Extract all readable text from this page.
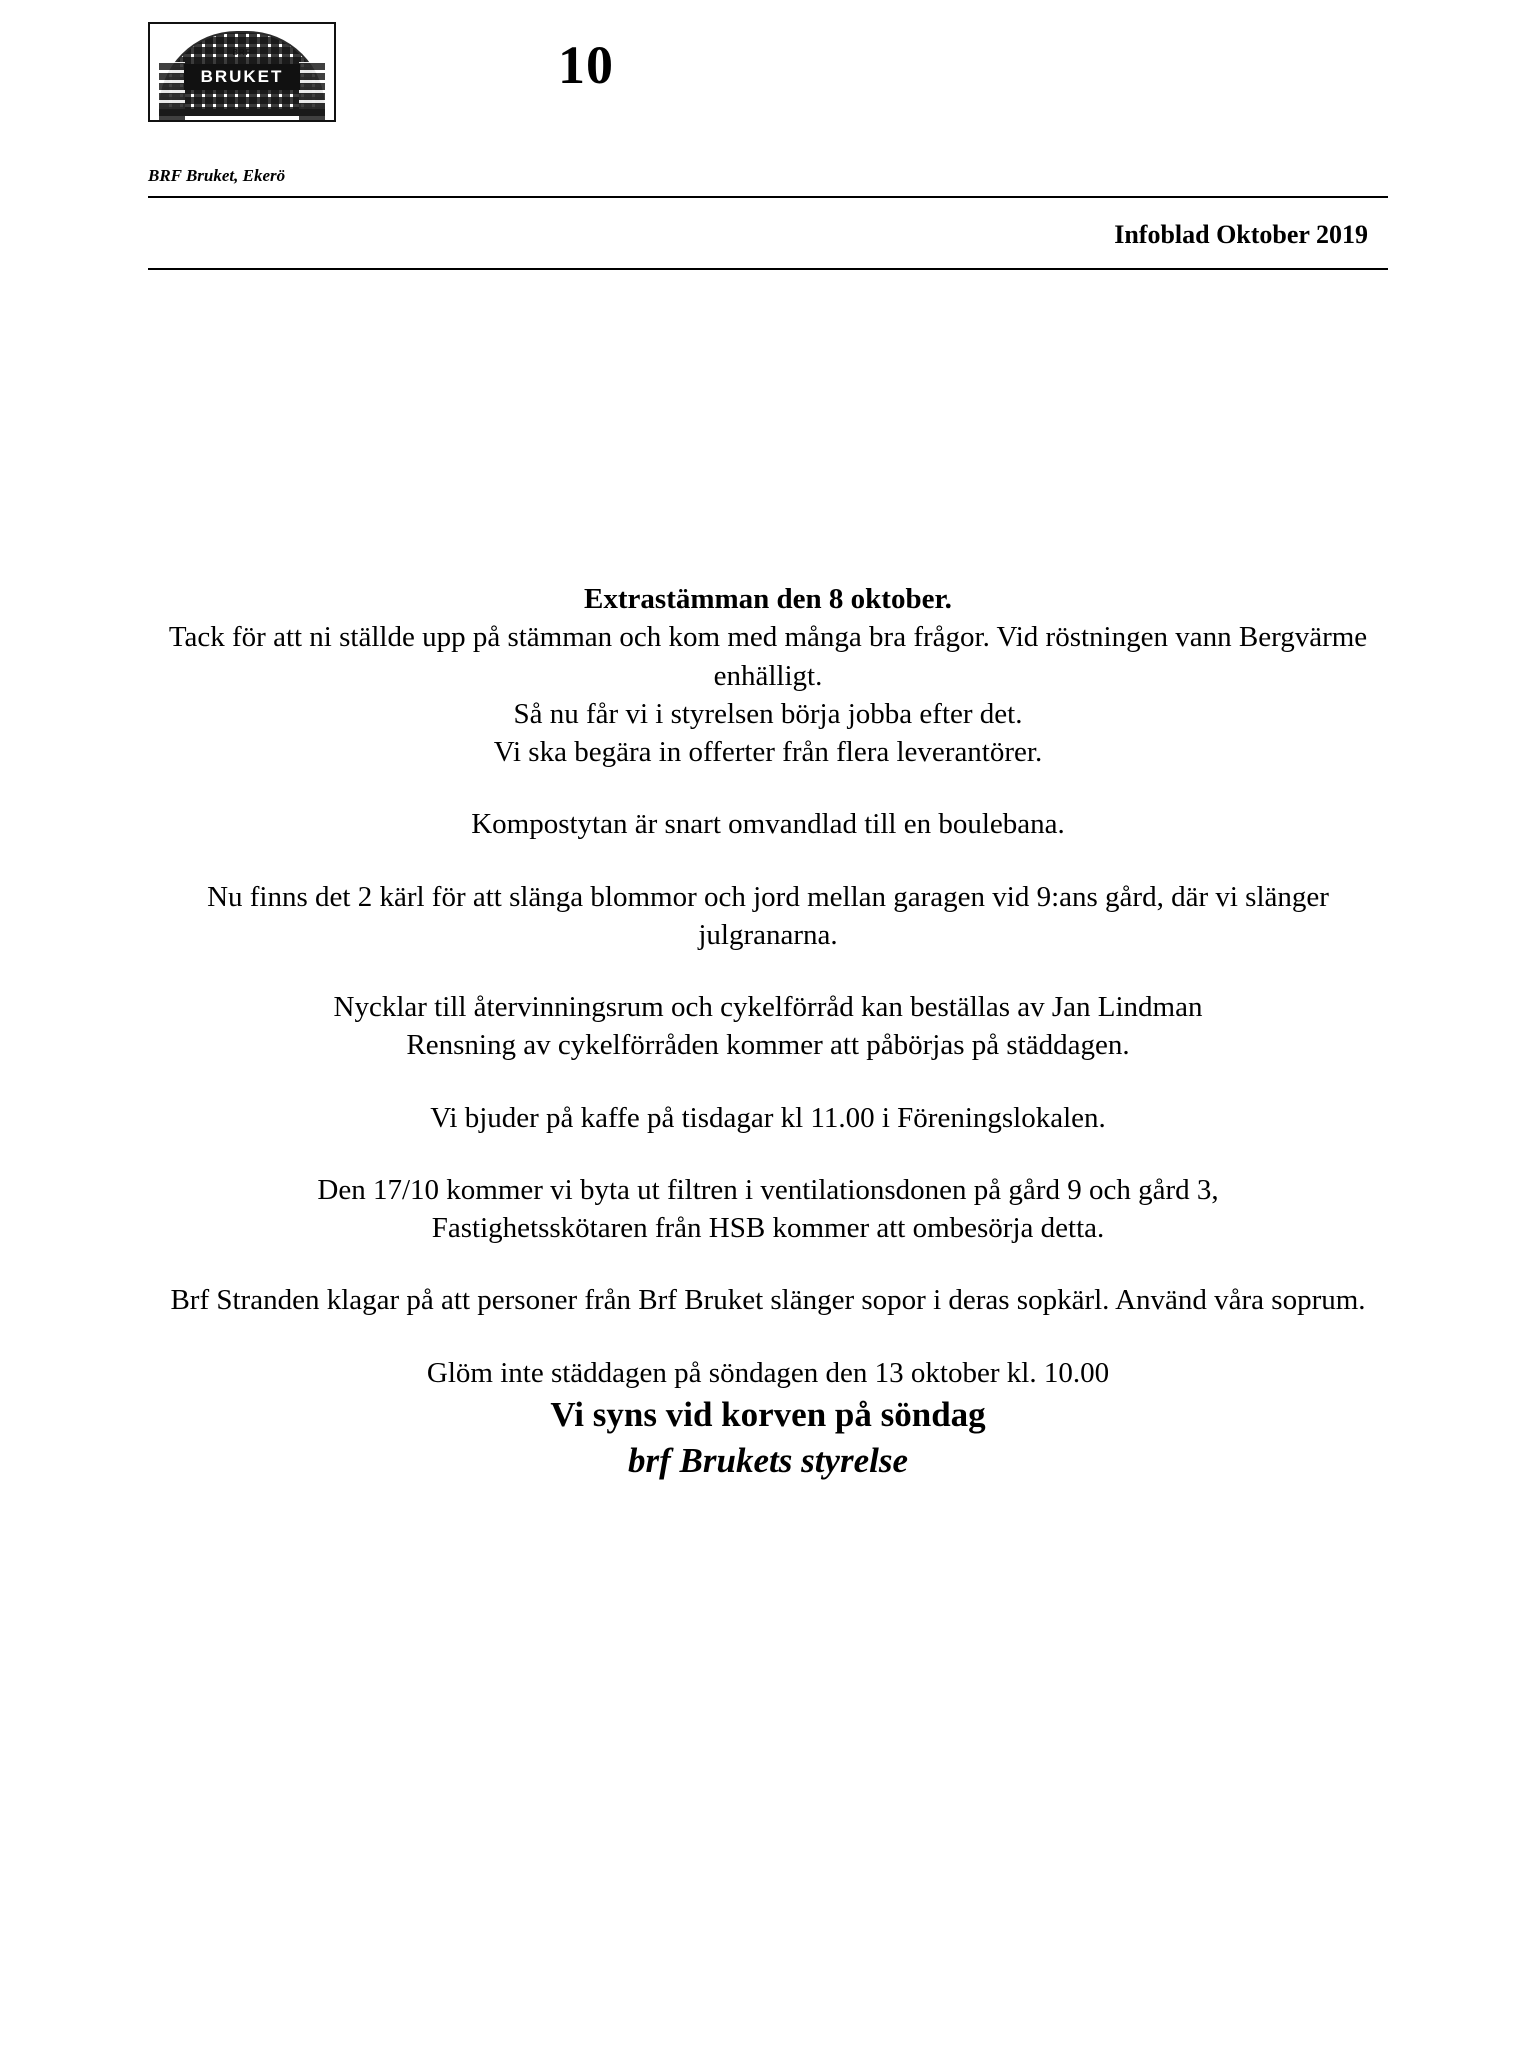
BRF
BRUKET	10
BRF Bruket, Ekerö
Infoblad Oktober 2019

Extrastämman den 8 oktober.

Tack för att ni ställde upp på stämman och kom med många bra frågor. Vid röstningen vann Bergvärme enhälligt.

Så nu får vi i styrelsen börja jobba efter det.

Vi ska begära in offerter från flera leverantörer.

Kompostytan är snart omvandlad till en boulebana.

Nu finns det 2 kärl för att slänga blommor och jord mellan garagen vid 9:ans gård, där vi slänger julgranarna.

Nycklar till återvinningsrum och cykelförråd kan beställas av Jan Lindman

Rensning av cykelförråden kommer att påbörjas på städdagen.

Vi bjuder på kaffe på tisdagar kl 11.00 i Föreningslokalen.

Den 17/10 kommer vi byta ut filtren i ventilationsdonen på gård 9 och gård 3,

Fastighetsskötaren från HSB kommer att ombesörja detta.

Brf Stranden klagar på att personer från Brf Bruket slänger sopor i deras sopkärl. Använd våra soprum.

Glöm inte städdagen på söndagen den 13 oktober kl. 10.00

Vi syns vid korven på söndag

brf Brukets styrelse
